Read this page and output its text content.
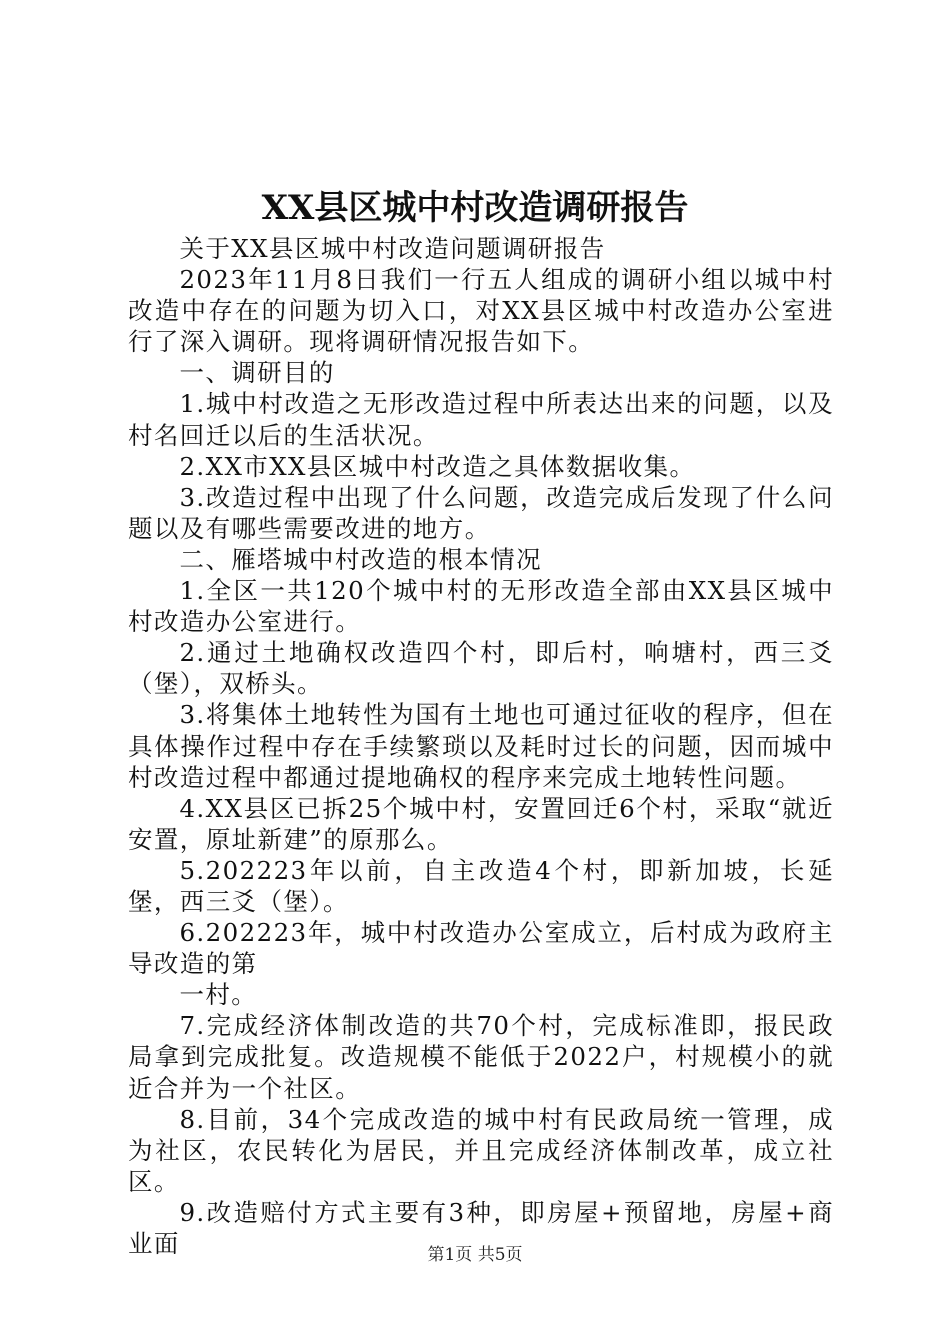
XX县区城中村改造调研报告

关于XX县区城中村改造问题调研报告

2023年11月8日我们一行五人组成的调研小组以城中村改造中存在的问题为切入口，对XX县区城中村改造办公室进行了深入调研。现将调研情况报告如下。

一、调研目的

1.城中村改造之无形改造过程中所表达出来的问题，以及村名回迁以后的生活状况。

2.XX市XX县区城中村改造之具体数据收集。

3.改造过程中出现了什么问题，改造完成后发现了什么问题以及有哪些需要改进的地方。

二、雁塔城中村改造的根本情况

1.全区一共120个城中村的无形改造全部由XX县区城中村改造办公室进行。

2.通过土地确权改造四个村，即后村，响塘村，西三爻（堡），双桥头。

3.将集体土地转性为国有土地也可通过征收的程序，但在具体操作过程中存在手续繁琐以及耗时过长的问题，因而城中村改造过程中都通过提地确权的程序来完成土地转性问题。

4.XX县区已拆25个城中村，安置回迁6个村，采取“就近安置，原址新建”的原那么。

5.202223年以前，自主改造4个村，即新加坡，长延堡，西三爻（堡）。

6.202223年，城中村改造办公室成立，后村成为政府主导改造的第

一村。

7.完成经济体制改造的共70个村，完成标准即，报民政局拿到完成批复。改造规模不能低于2022户，村规模小的就近合并为一个社区。

8.目前，34个完成改造的城中村有民政局统一管理，成为社区，农民转化为居民，并且完成经济体制改革，成立社区。

9.改造赔付方式主要有3种，即房屋+预留地，房屋+商业面	第1页 共5页
